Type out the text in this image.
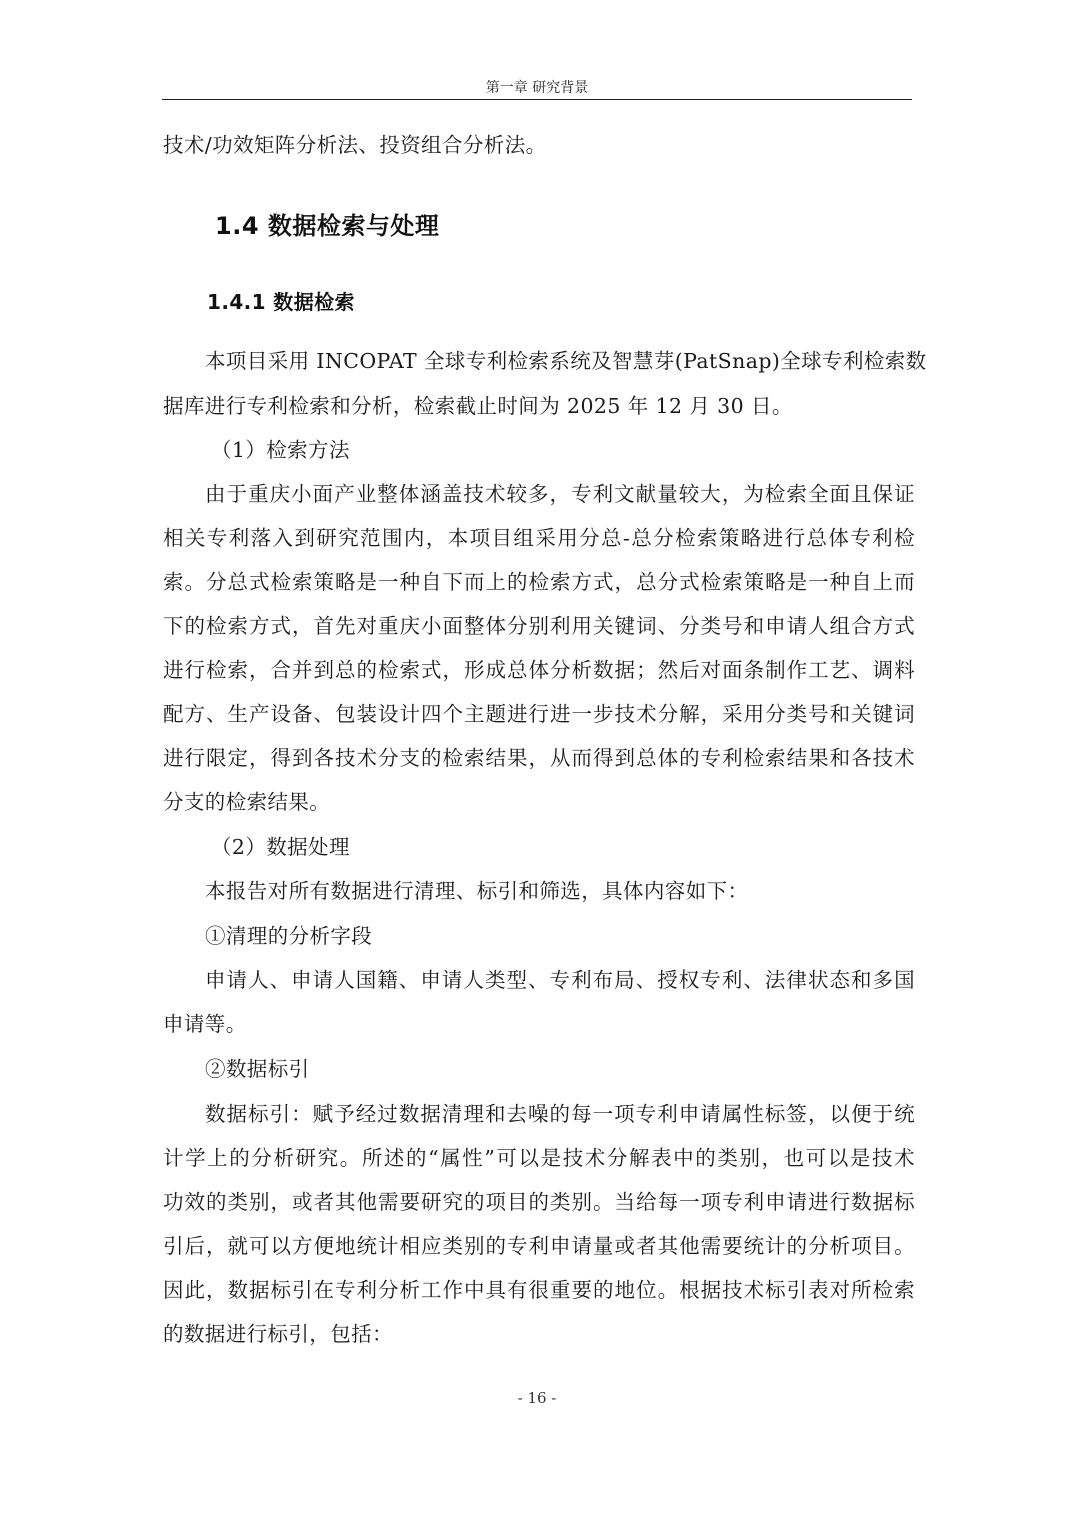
第一章 研究背景
技术/功效矩阵分析法、投资组合分析法。
1.4 数据检索与处理
1.4.1 数据检索
本项目采用 INCOPAT 全球专利检索系统及智慧芽(PatSnap)全球专利检索数
据库进行专利检索和分析，检索截止时间为 2025 年 12 月 30 日。
（1）检索方法
由于重庆小面产业整体涵盖技术较多，专利文献量较大，为检索全面且保证
相关专利落入到研究范围内，本项目组采用分总-总分检索策略进行总体专利检
索。分总式检索策略是一种自下而上的检索方式，总分式检索策略是一种自上而
下的检索方式，首先对重庆小面整体分别利用关键词、分类号和申请人组合方式
进行检索，合并到总的检索式，形成总体分析数据；然后对面条制作工艺、调料
配方、生产设备、包装设计四个主题进行进一步技术分解，采用分类号和关键词
进行限定，得到各技术分支的检索结果，从而得到总体的专利检索结果和各技术
分支的检索结果。
（2）数据处理
本报告对所有数据进行清理、标引和筛选，具体内容如下：
①清理的分析字段
申请人、申请人国籍、申请人类型、专利布局、授权专利、法律状态和多国
申请等。
②数据标引
数据标引：赋予经过数据清理和去噪的每一项专利申请属性标签，以便于统
计学上的分析研究。所述的“属性”可以是技术分解表中的类别，也可以是技术
功效的类别，或者其他需要研究的项目的类别。当给每一项专利申请进行数据标
引后，就可以方便地统计相应类别的专利申请量或者其他需要统计的分析项目。
因此，数据标引在专利分析工作中具有很重要的地位。根据技术标引表对所检索
的数据进行标引，包括：
- 16 -
